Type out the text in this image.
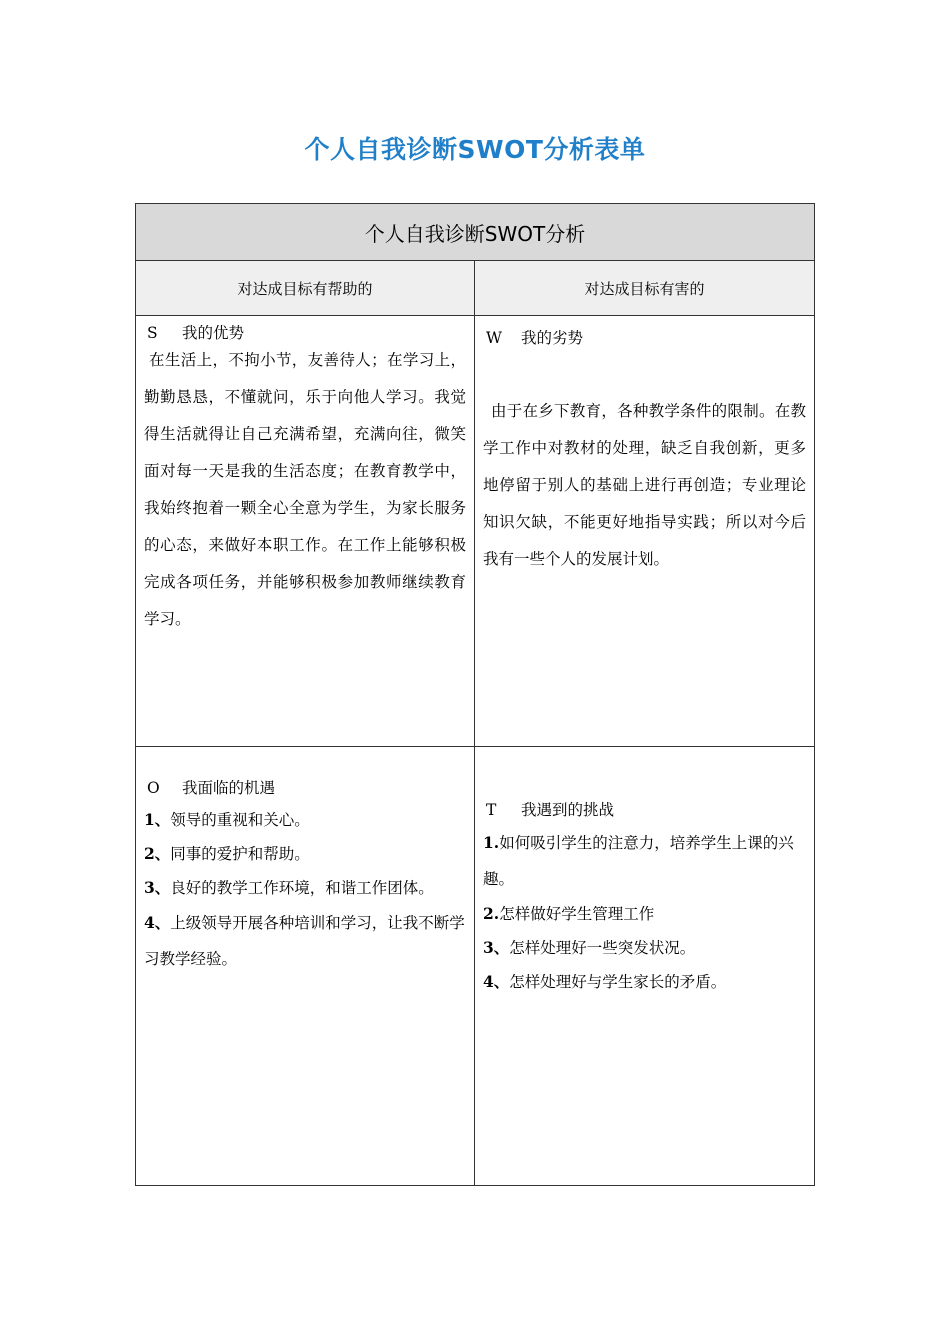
个人自我诊断SWOT分析表单
个人自我诊断SWOT分析
对达成目标有帮助的	对达成目标有害的
S 我的优势
在生活上，不拘小节，友善待人；在学习上，勤勤恳恳，不懂就问，乐于向他人学习。我觉得生活就得让自己充满希望，充满向往，微笑面对每一天是我的生活态度；在教育教学中，我始终抱着一颗全心全意为学生，为家长服务的心态，来做好本职工作。在工作上能够积极完成各项任务，并能够积极参加教师继续教育学习。
W 我的劣势
由于在乡下教育，各种教学条件的限制。在教学工作中对教材的处理，缺乏自我创新，更多地停留于别人的基础上进行再创造；专业理论知识欠缺，不能更好地指导实践；所以对今后我有一些个人的发展计划。
O 我面临的机遇
1、领导的重视和关心。
2、同事的爱护和帮助。
3、良好的教学工作环境，和谐工作团体。
4、上级领导开展各种培训和学习，让我不断学习教学经验。
T 我遇到的挑战
1.如何吸引学生的注意力，培养学生上课的兴趣。
2.怎样做好学生管理工作
3、怎样处理好一些突发状况。
4、怎样处理好与学生家长的矛盾。
